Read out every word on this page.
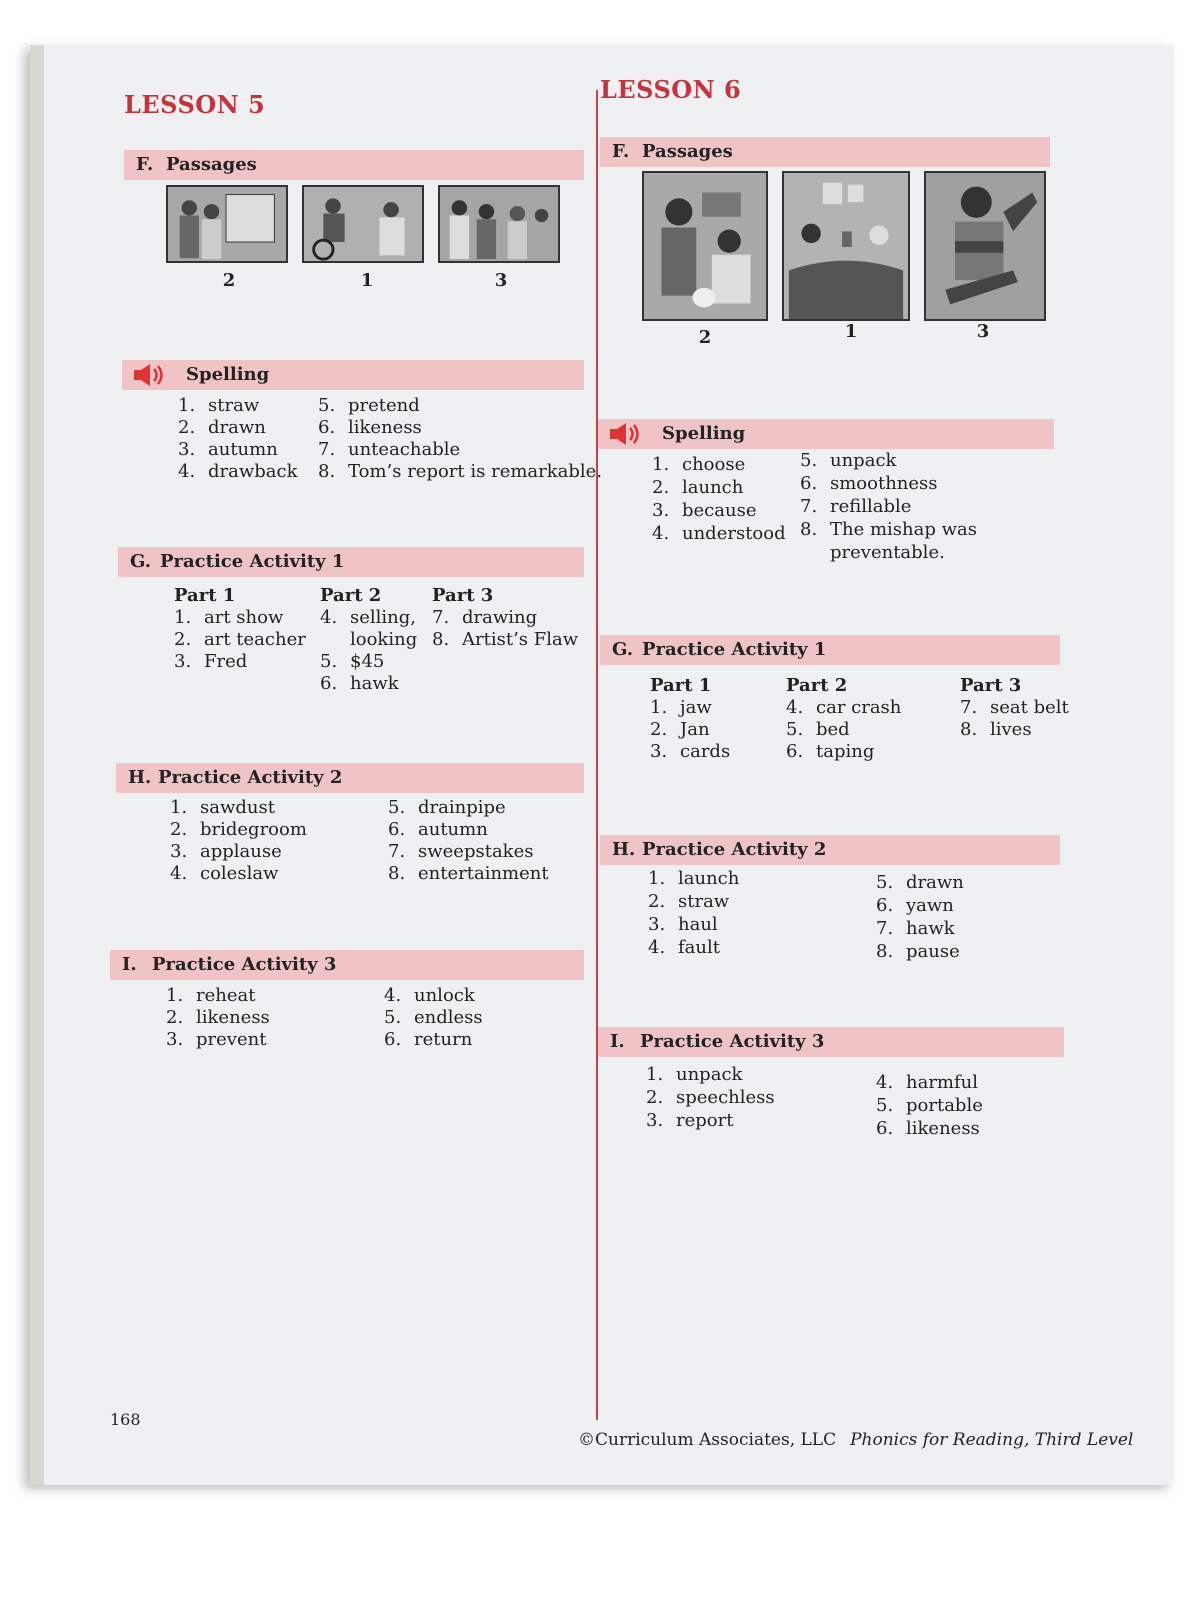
LESSON 5
F. Passages
2	1	3
Spelling
1. straw
2. drawn
3. autumn
4. drawback
5. pretend
6. likeness
7. unteachable
8. Tom’s report is remarkable.
G. Practice Activity 1
Part 1
1. art show
2. art teacher
3. Fred
Part 2
4. selling,
looking
5. $45
6. hawk
Part 3
7. drawing
8. Artist’s Flaw
H. Practice Activity 2
1. sawdust
2. bridegroom
3. applause
4. coleslaw
5. drainpipe
6. autumn
7. sweepstakes
8. entertainment
I. Practice Activity 3
1. reheat
2. likeness
3. prevent
4. unlock
5. endless
6. return
LESSON 6
F. Passages
2	1	3
Spelling
1. choose
2. launch
3. because
4. understood
5. unpack
6. smoothness
7. refillable
8. The mishap was
preventable.
G. Practice Activity 1
Part 1
1. jaw
2. Jan
3. cards
Part 2
4. car crash
5. bed
6. taping
Part 3
7. seat belt
8. lives
H. Practice Activity 2
1. launch
2. straw
3. haul
4. fault
5. drawn
6. yawn
7. hawk
8. pause
I. Practice Activity 3
1. unpack
2. speechless
3. report
4. harmful
5. portable
6. likeness
168
©Curriculum Associates, LLC Phonics for Reading, Third Level
